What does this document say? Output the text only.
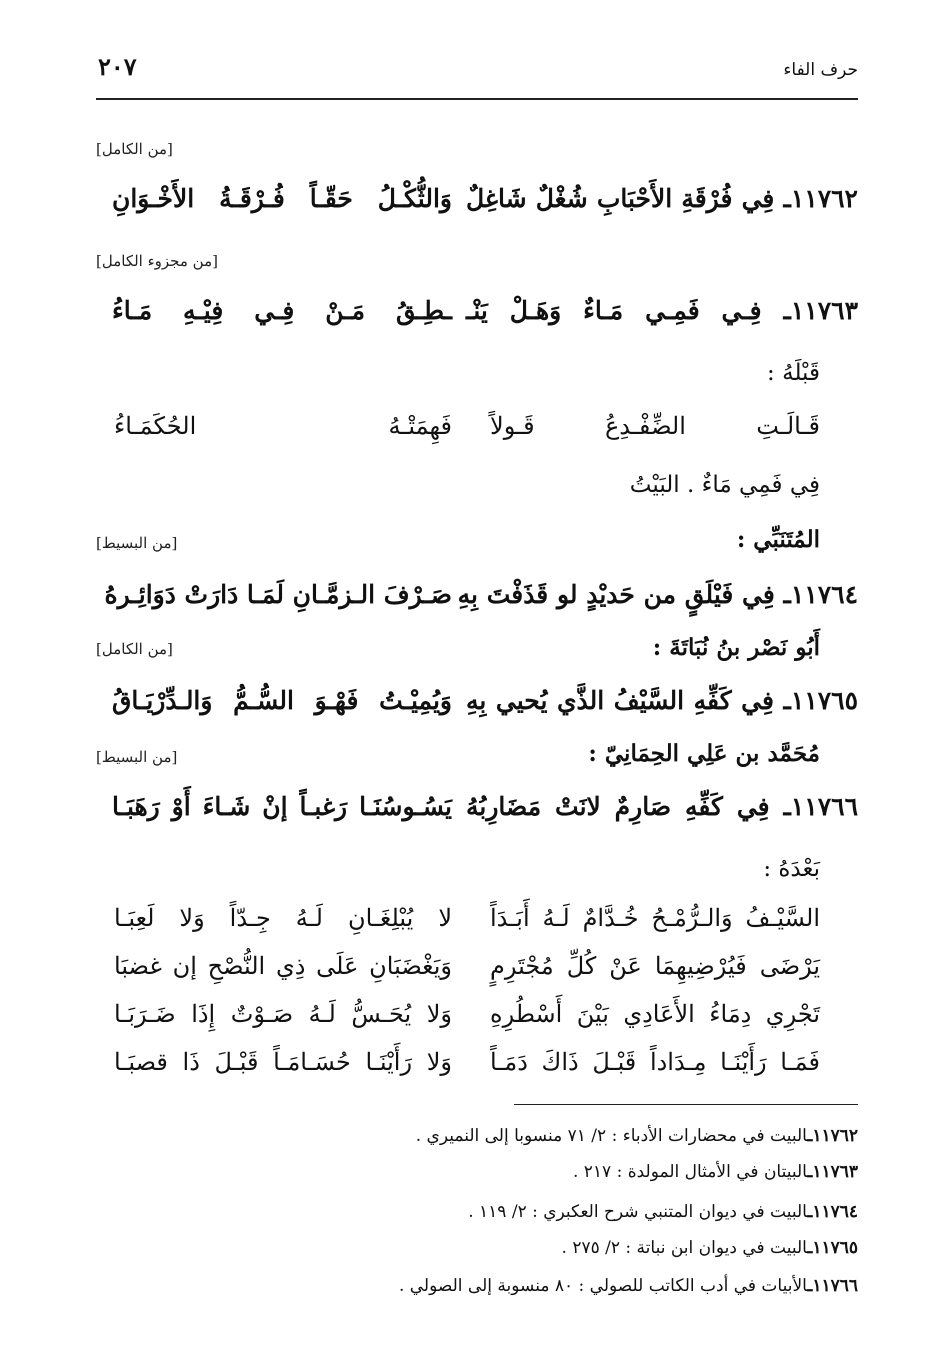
حرف الفاء
٢٠٧
[من الكامل]
١١٧٦٢ـ فِي فُرْقَةِ الأَحْبَابِ شُغْلٌ شَاغِلٌ
وَالثُّكْـلُ حَقّـاً فُـرْقَـةُ الأَخْـوَانِ
[من مجزوء الكامل]
١١٧٦٣ـ فِـي فَمِـي مَـاءٌ وَهَـلْ يَنْـ
ـطِـقُ مَـنْ فِـي فِيْـهِ مَـاءُ
قَبْلَهُ :
قَـالَـتِ الضِّفْـدِعُ قَـولاً
فَهِمَتْـهُ الحُكَمَـاءُ
فِي فَمِي مَاءٌ . البَيْتُ
المُتَنَبِّي :
[من البسيط]
١١٧٦٤ـ فِي فَيْلَقٍ من حَديْدٍ لو قَذَفْتَ بِهِ
صَـرْفَ الـزمَّـانِ لَمَـا دَارَتْ دَوَائِـرهُ
أَبُو نَصْر بنُ نُبَاتَةَ :
[من الكامل]
١١٧٦٥ـ فِي كَفِّهِ السَّيْفُ الذَّي يُحيي بِهِ
وَيُمِيْـتُ فَهْـوَ السُّـمُّ وَالـدِّرْيَـاقُ
مُحَمَّد بن عَلِي الحِمَانِيّ :
[من البسيط]
١١٧٦٦ـ فِي كَفِّهِ صَارِمٌ لانَتْ مَضَارِبُهُ
يَسُـوسُنَـا رَغبـاً إنْ شَـاءَ أَوْ رَهَبَـا
بَعْدَهُ :
السَّيْـفُ وَالـرُّمْـحُ خُـدَّامٌ لَـهُ أَبَـدَاً
لا يُبْلِغَـانِ لَـهُ جِـدّاً وَلا لَعِبَـا
يَرْضَى فَيُرْضِيهِمَا عَنْ كُلِّ مُجْتَرِمٍ
وَيَغْضَبَانِ عَلَى ذِي النُّصْحِ إن غضبَا
تَجْرِي دِمَاءُ الأَعَادِي بَيْنَ أَسْطُرِهِ
وَلا يُحَـسُّ لَـهُ صَـوْتٌ إِذَا ضَـرَبَـا
فَمَـا رَأَيْنَـا مِـدَاداً قَبْـلَ ذَاكَ دَمَـاً
وَلا رَأَيْنَـا حُسَـامَـاً قَبْـلَ ذَا قصبَـا
١١٧٦٢ـالبيت في محضارات الأدباء : ٢/ ٧١ منسوبا إلى النميري .
١١٧٦٣ـالبيتان في الأمثال المولدة : ٢١٧ .
١١٧٦٤ـالبيت في ديوان المتنبي شرح العكبري : ٢/ ١١٩ .
١١٧٦٥ـالبيت في ديوان ابن نباتة : ٢/ ٢٧٥ .
١١٧٦٦ـالأبيات في أدب الكاتب للصولي : ٨٠ منسوبة إلى الصولي .
